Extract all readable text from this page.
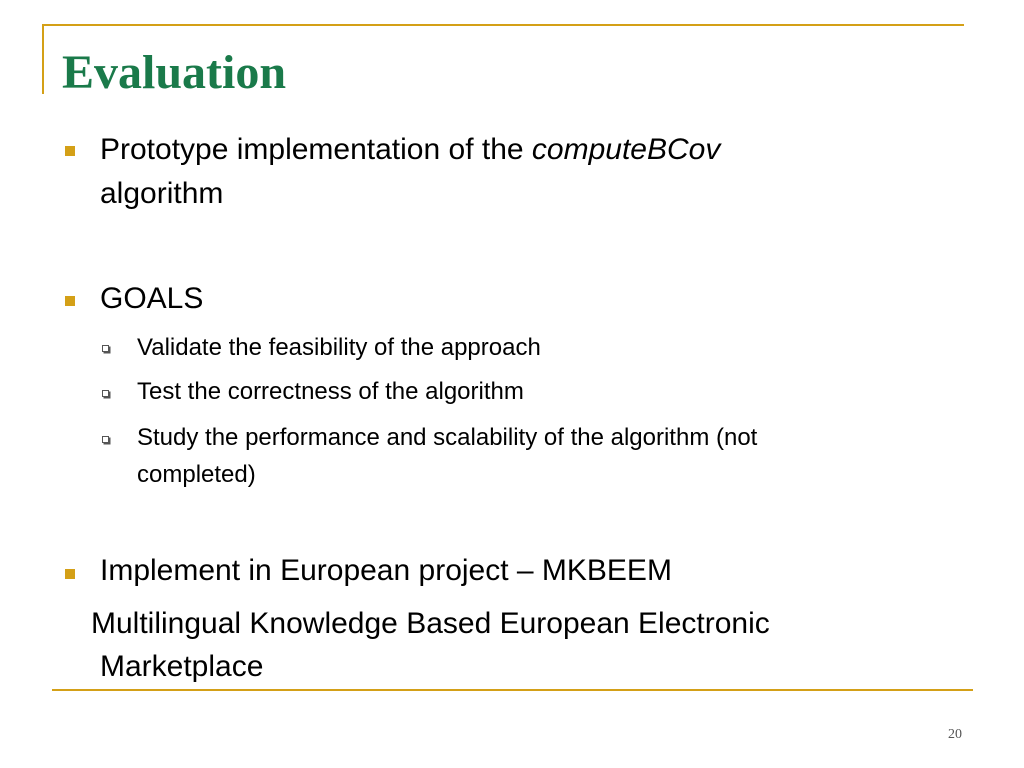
Evaluation
Prototype implementation of the computeBCov
algorithm
GOALS
Validate the feasibility of the approach
Test the correctness of the algorithm
Study the performance and scalability of the algorithm (not
completed)
Implement in European project – MKBEEM
Multilingual Knowledge Based European Electronic
Marketplace
20
